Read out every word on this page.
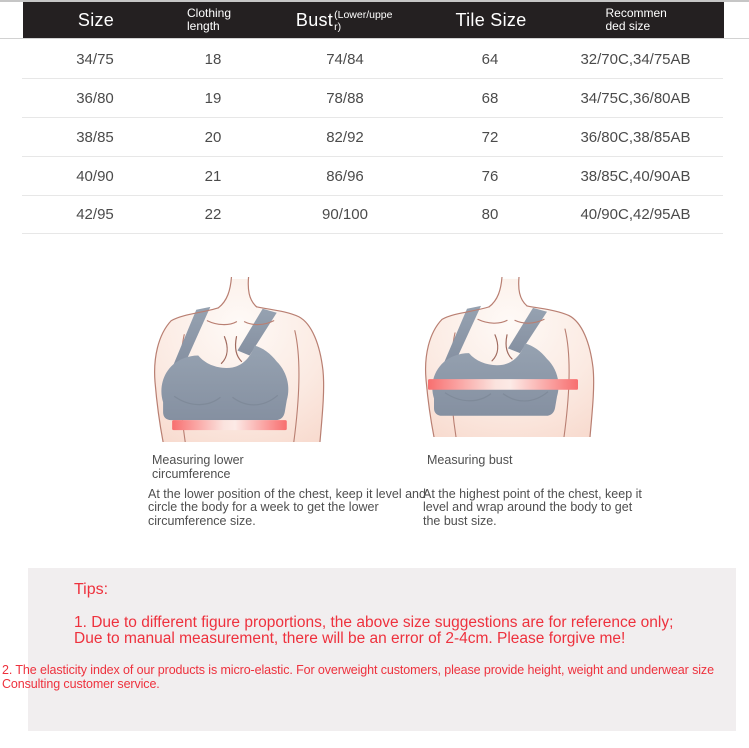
Size	Clothing length	Bust (Lower/upper)	Tile Size	Recommended size
34/75	18	74/84	64	32/70C,34/75AB
36/80	19	78/88	68	34/75C,36/80AB
38/85	20	82/92	72	36/80C,38/85AB
40/90	21	86/96	76	38/85C,40/90AB
42/95	22	90/100	80	40/90C,42/95AB
Measuring lower circumference
At the lower position of the chest, keep it level and circle the body for a week to get the lower circumference size.
Measuring bust
At the highest point of the chest, keep it level and wrap around the body to get the bust size.
Tips:
1. Due to different figure proportions, the above size suggestions are for reference only; Due to manual measurement, there will be an error of 2-4cm. Please forgive me!
2. The elasticity index of our products is micro-elastic. For overweight customers, please provide height, weight and underwear size Consulting customer service.
